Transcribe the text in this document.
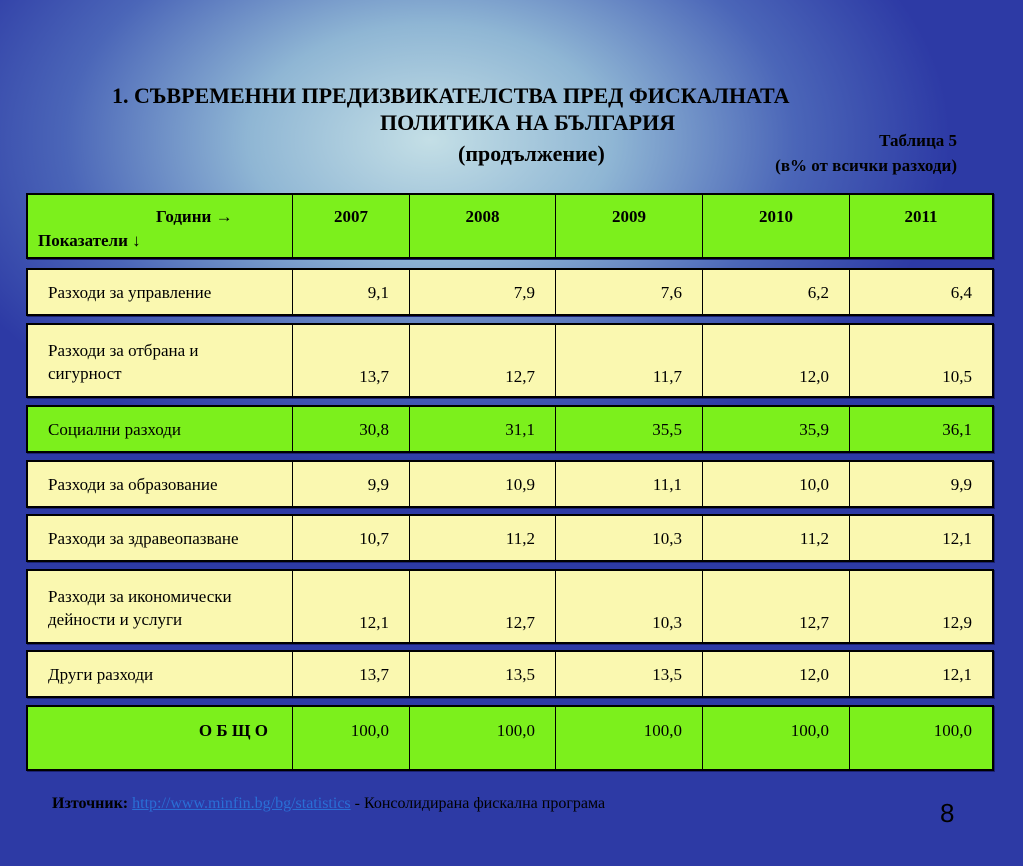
1. СЪВРЕМЕННИ ПРЕДИЗВИКАТЕЛСТВА ПРЕД ФИСКАЛНАТА
ПОЛИТИКА НА БЪЛГАРИЯ
(продължение)
Таблица 5
(в% от всички разходи)
Години →
Показатели ↓
2007	2008	2009	2010	2011
Разходи за управление	9,1	7,9	7,6	6,2	6,4
Разходи за отбрана и
сигурност	13,7	12,7	11,7	12,0	10,5
Социални разходи	30,8	31,1	35,5	35,9	36,1
Разходи за образование	9,9	10,9	11,1	10,0	9,9
Разходи за здравеопазване	10,7	11,2	10,3	11,2	12,1
Разходи за икономически
дейности и услуги	12,1	12,7	10,3	12,7	12,9
Други разходи	13,7	13,5	13,5	12,0	12,1
О Б Щ О	100,0	100,0	100,0	100,0	100,0
Източник: http://www.minfin.bg/bg/statistics - Консолидирана фискална програма	8
